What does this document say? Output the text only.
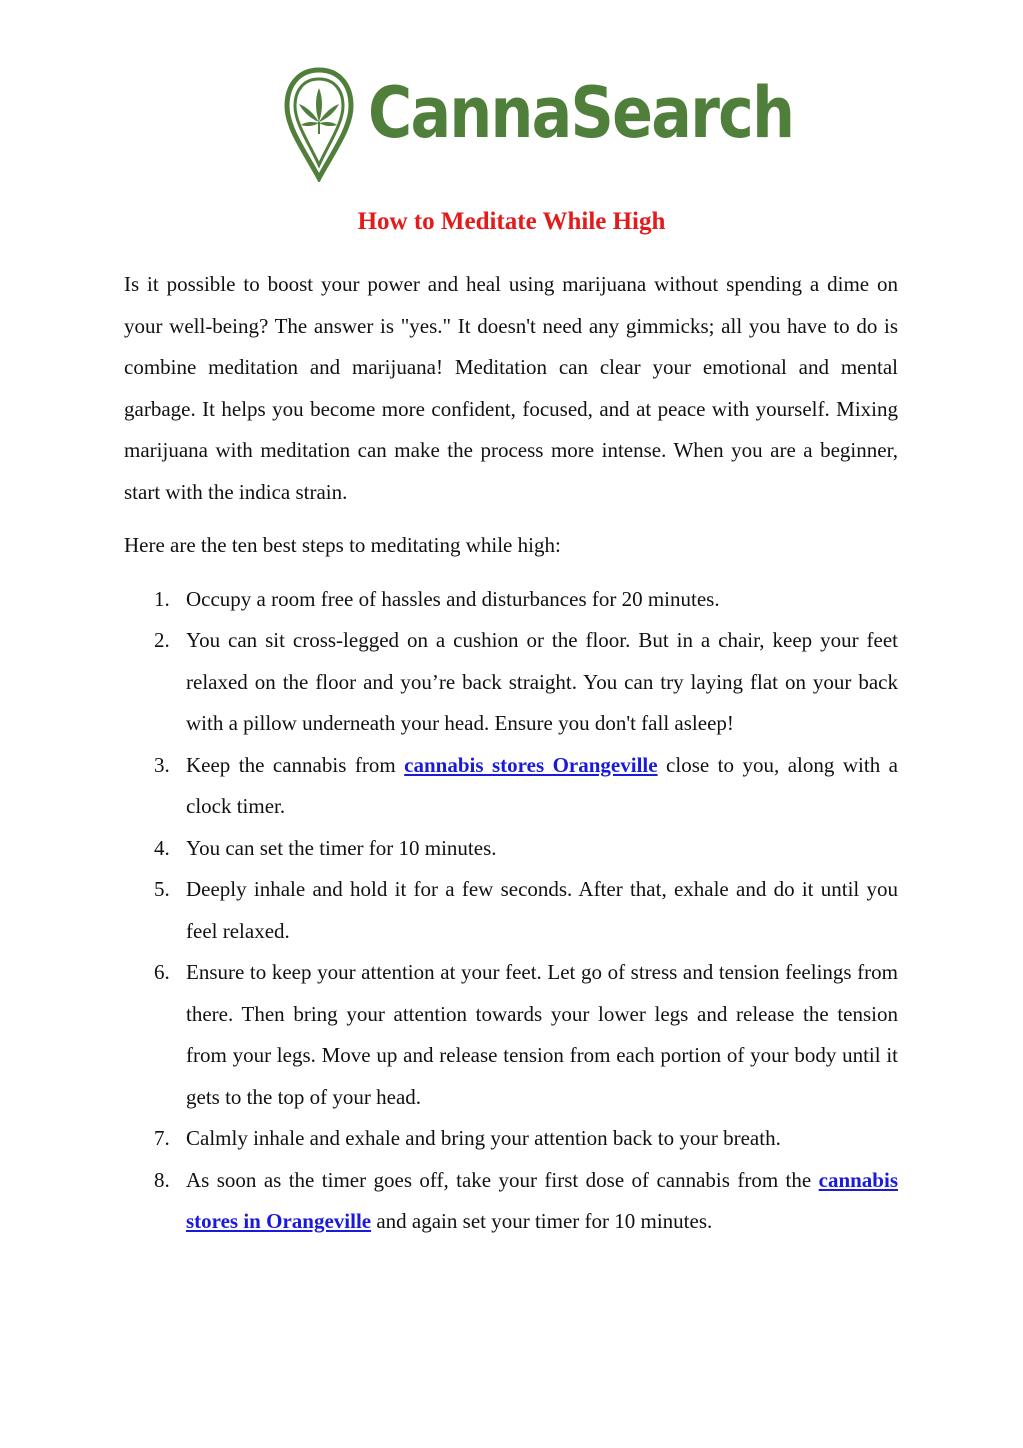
CannaSearch
How to Meditate While High

Is it possible to boost your power and heal using marijuana without spending a dime on your well-being? The answer is "yes." It doesn't need any gimmicks; all you have to do is combine meditation and marijuana! Meditation can clear your emotional and mental garbage. It helps you become more confident, focused, and at peace with yourself. Mixing marijuana with meditation can make the process more intense. When you are a beginner, start with the indica strain.

Here are the ten best steps to meditating while high:

1. Occupy a room free of hassles and disturbances for 20 minutes.
2. You can sit cross-legged on a cushion or the floor. But in a chair, keep your feet relaxed on the floor and you’re back straight. You can try laying flat on your back with a pillow underneath your head. Ensure you don't fall asleep!
3. Keep the cannabis from cannabis stores Orangeville close to you, along with a clock timer.
4. You can set the timer for 10 minutes.
5. Deeply inhale and hold it for a few seconds. After that, exhale and do it until you feel relaxed.
6. Ensure to keep your attention at your feet. Let go of stress and tension feelings from there. Then bring your attention towards your lower legs and release the tension from your legs. Move up and release tension from each portion of your body until it gets to the top of your head.
7. Calmly inhale and exhale and bring your attention back to your breath.
8. As soon as the timer goes off, take your first dose of cannabis from the cannabis stores in Orangeville and again set your timer for 10 minutes.
